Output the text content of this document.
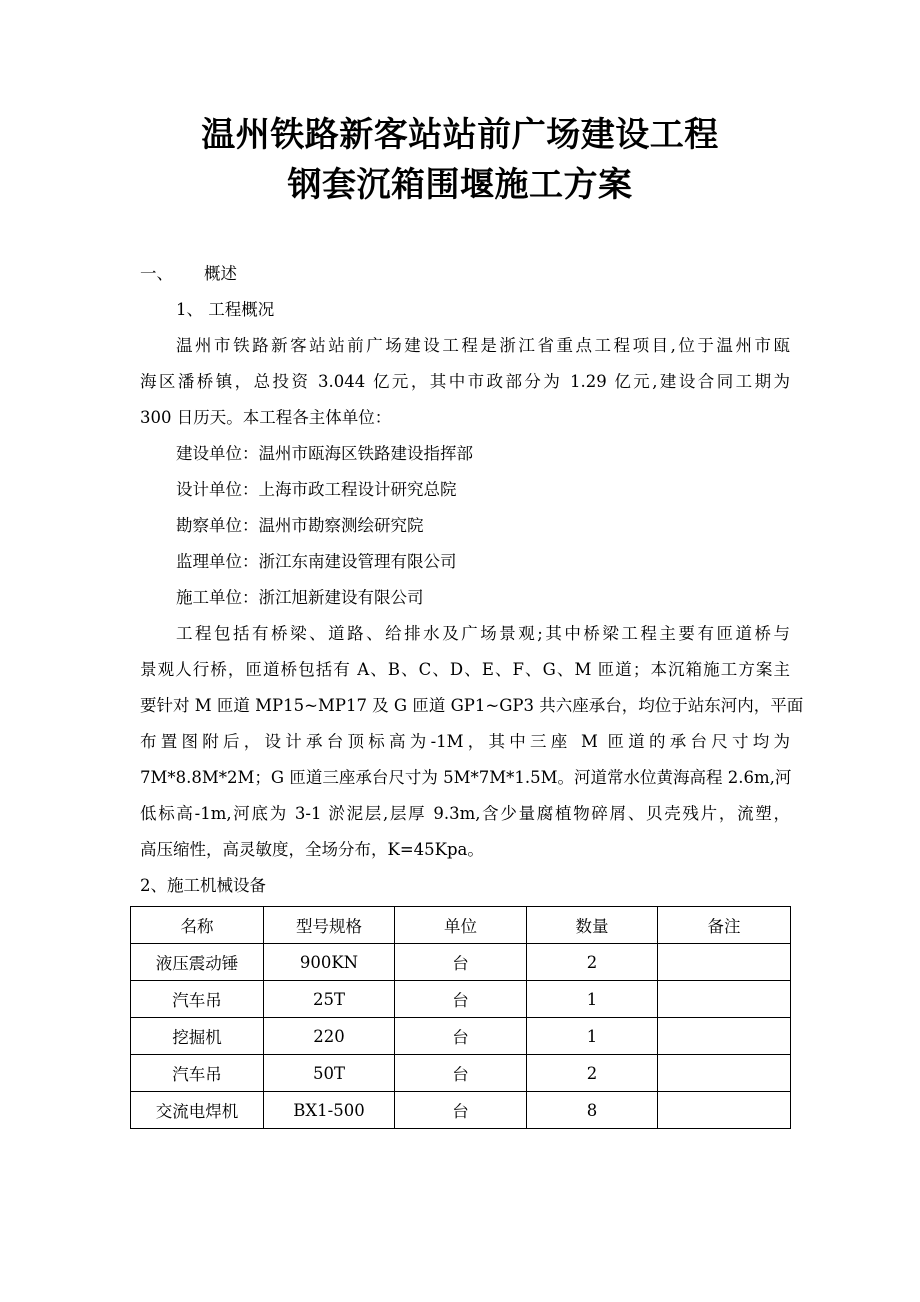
温州铁路新客站站前广场建设工程
钢套沉箱围堰施工方案
一、 概述
1、 工程概况
温州市铁路新客站站前广场建设工程是浙江省重点工程项目,位于温州市瓯
海区潘桥镇，总投资 3.044 亿元，其中市政部分为 1.29 亿元,建设合同工期为
300 日历天。本工程各主体单位：
建设单位：温州市瓯海区铁路建设指挥部
设计单位：上海市政工程设计研究总院
勘察单位：温州市勘察测绘研究院
监理单位：浙江东南建设管理有限公司
施工单位：浙江旭新建设有限公司
工程包括有桥梁、道路、给排水及广场景观;其中桥梁工程主要有匝道桥与
景观人行桥，匝道桥包括有 A、B、C、D、E、F、G、M 匝道；本沉箱施工方案主
要针对 M 匝道 MP15~MP17 及 G 匝道 GP1~GP3 共六座承台，均位于站东河内，平面
布置图附后，设计承台顶标高为-1M，其中三座 M 匝道的承台尺寸均为
7M*8.8M*2M；G 匝道三座承台尺寸为 5M*7M*1.5M。河道常水位黄海高程 2.6m,河
低标高-1m,河底为 3-1 淤泥层,层厚 9.3m,含少量腐植物碎屑、贝壳残片，流塑，
高压缩性，高灵敏度，全场分布，K=45Kpa。
2、施工机械设备
名称	型号规格	单位	数量	备注
液压震动锤	900KN	台	2	
汽车吊	25T	台	1	
挖掘机	220	台	1	
汽车吊	50T	台	2	
交流电焊机	BX1-500	台	8	
